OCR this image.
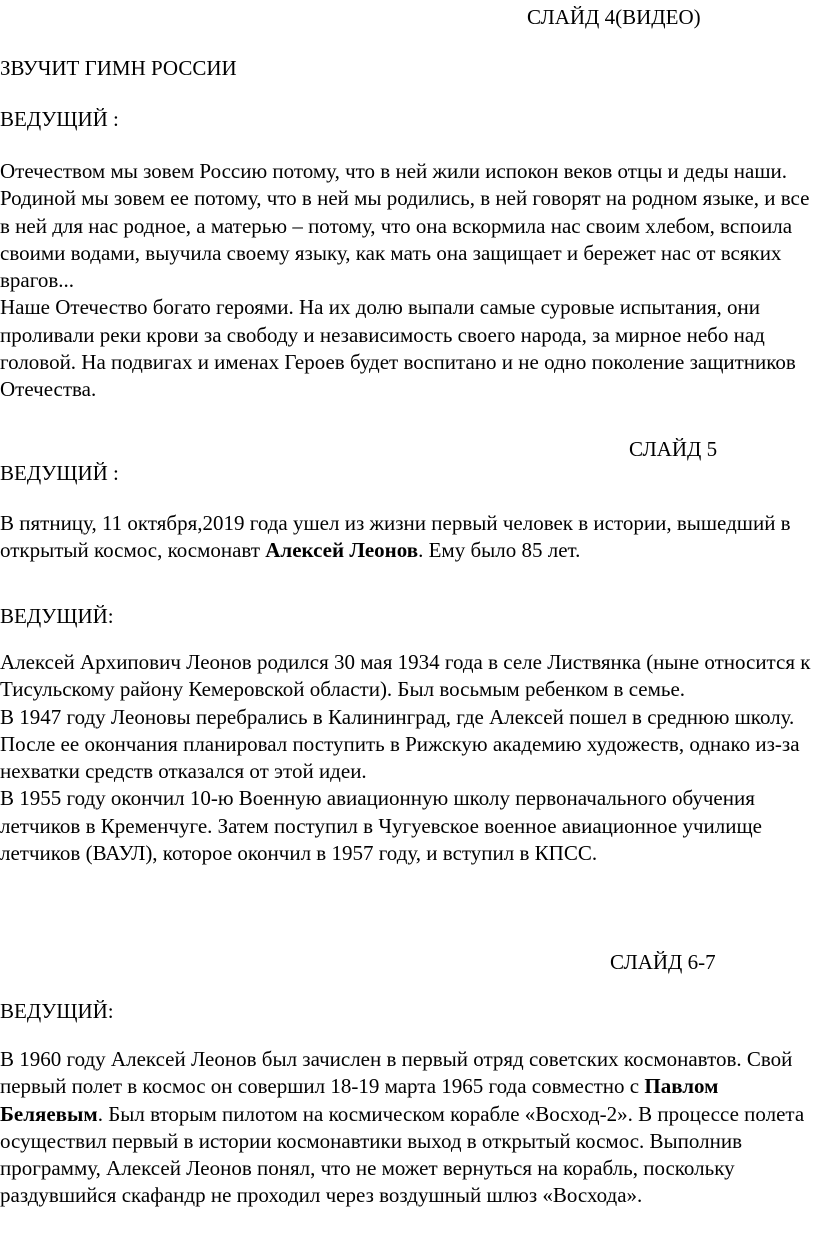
СЛАЙД 4(ВИДЕО)
ЗВУЧИТ ГИМН РОССИИ
ВЕДУЩИЙ :

Отечеством мы зовем Россию потому, что в ней жили испокон веков отцы и деды наши. Родиной мы зовем ее потому, что в ней мы родились, в ней говорят на родном языке, и все в ней для нас родное, а матерью – потому, что она вскормила нас своим хлебом, вспоила своими водами, выучила своему языку, как мать она защищает и бережет нас от всяких врагов...

Наше Отечество богато героями. На их долю выпали самые суровые испытания, они проливали реки крови за свободу и независимость своего народа, за мирное небо над головой. На подвигах и именах Героев будет воспитано и не одно поколение защитников Отечества.

СЛАЙД 5
ВЕДУЩИЙ :

В пятницу, 11 октября,2019 года ушел из жизни первый человек в истории, вышедший в открытый космос, космонавт Алексей Леонов. Ему было 85 лет.

ВЕДУЩИЙ:

Алексей Архипович Леонов родился 30 мая 1934 года в селе Листвянка (ныне относится к Тисульскому району Кемеровской области). Был восьмым ребенком в семье.

В 1947 году Леоновы перебрались в Калининград, где Алексей пошел в среднюю школу. После ее окончания планировал поступить в Рижскую академию художеств, однако из-за нехватки средств отказался от этой идеи.

В 1955 году окончил 10-ю Военную авиационную школу первоначального обучения летчиков в Кременчуге. Затем поступил в Чугуевское военное авиационное училище летчиков (ВАУЛ), которое окончил в 1957 году, и вступил в КПСС.

СЛАЙД 6-7
ВЕДУЩИЙ:

В 1960 году Алексей Леонов был зачислен в первый отряд советских космонавтов. Свой первый полет в космос он совершил 18-19 марта 1965 года совместно с Павлом Беляевым. Был вторым пилотом на космическом корабле «Восход-2». В процессе полета осуществил первый в истории космонавтики выход в открытый космос. Выполнив программу, Алексей Леонов понял, что не может вернуться на корабль, поскольку раздувшийся скафандр не проходил через воздушный шлюз «Восхода».
